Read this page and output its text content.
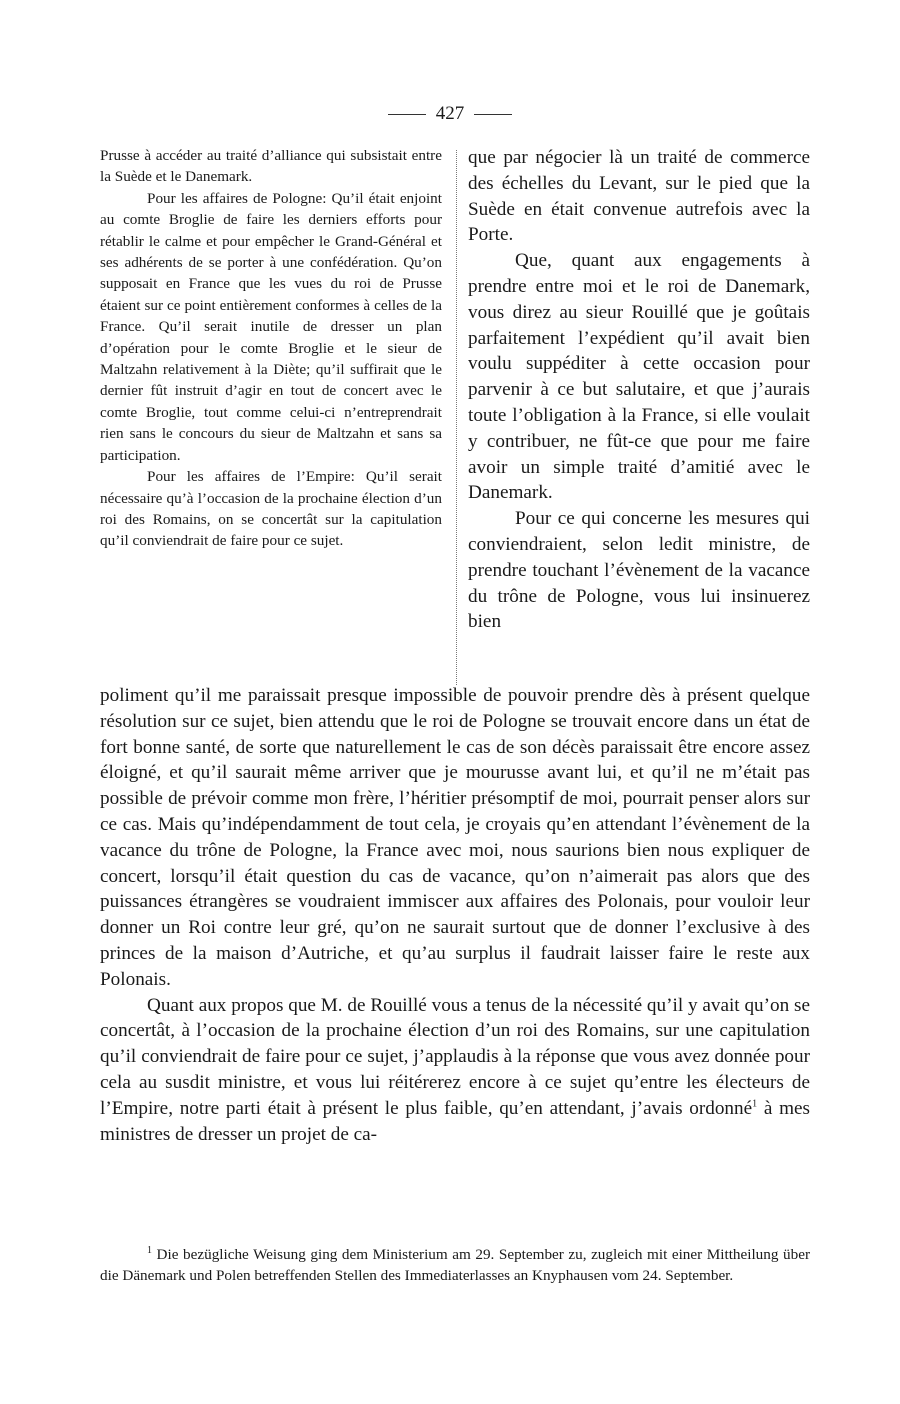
427

Prusse à accéder au traité d’alliance qui subsistait entre la Suède et le Danemark.

Pour les affaires de Pologne: Qu’il était enjoint au comte Broglie de faire les derniers efforts pour rétablir le calme et pour empêcher le Grand-Général et ses adhérents de se porter à une confédération. Qu’on supposait en France que les vues du roi de Prusse étaient sur ce point entièrement conformes à celles de la France. Qu’il serait inutile de dresser un plan d’opération pour le comte Broglie et le sieur de Maltzahn relativement à la Diète; qu’il suffirait que le dernier fût instruit d’agir en tout de concert avec le comte Broglie, tout comme celui-ci n’entreprendrait rien sans le concours du sieur de Maltzahn et sans sa participation.

Pour les affaires de l’Empire: Qu’il serait nécessaire qu’à l’occasion de la prochaine élection d’un roi des Romains, on se concertât sur la capitulation qu’il conviendrait de faire pour ce sujet.

que par négocier là un traité de commerce des échelles du Levant, sur le pied que la Suède en était convenue autrefois avec la Porte.

Que, quant aux engagements à prendre entre moi et le roi de Danemark, vous direz au sieur Rouillé que je goûtais parfaitement l’expédient qu’il avait bien voulu suppéditer à cette occasion pour parvenir à ce but salutaire, et que j’aurais toute l’obligation à la France, si elle voulait y contribuer, ne fût-ce que pour me faire avoir un simple traité d’amitié avec le Danemark.

Pour ce qui concerne les mesures qui conviendraient, selon ledit ministre, de prendre touchant l’évènement de la vacance du trône de Pologne, vous lui insinuerez bien

poliment qu’il me paraissait presque impossible de pouvoir prendre dès à présent quelque résolution sur ce sujet, bien attendu que le roi de Pologne se trouvait encore dans un état de fort bonne santé, de sorte que naturellement le cas de son décès paraissait être encore assez éloigné, et qu’il saurait même arriver que je mourusse avant lui, et qu’il ne m’était pas possible de prévoir comme mon frère, l’héritier présomptif de moi, pourrait penser alors sur ce cas. Mais qu’indépendamment de tout cela, je croyais qu’en attendant l’évènement de la vacance du trône de Pologne, la France avec moi, nous saurions bien nous expliquer de concert, lorsqu’il était question du cas de vacance, qu’on n’aimerait pas alors que des puissances étrangères se voudraient immiscer aux affaires des Polonais, pour vouloir leur donner un Roi contre leur gré, qu’on ne saurait surtout que de donner l’exclusive à des princes de la maison d’Autriche, et qu’au surplus il faudrait laisser faire le reste aux Polonais.

Quant aux propos que M. de Rouillé vous a tenus de la nécessité qu’il y avait qu’on se concertât, à l’occasion de la prochaine élection d’un roi des Romains, sur une capitulation qu’il conviendrait de faire pour ce sujet, j’applaudis à la réponse que vous avez donnée pour cela au susdit ministre, et vous lui réitérerez encore à ce sujet qu’entre les électeurs de l’Empire, notre parti était à présent le plus faible, qu’en attendant, j’avais ordonné$^1$ à mes ministres de dresser un projet de ca-

$^1$ Die bezügliche Weisung ging dem Ministerium am 29. September zu, zugleich mit einer Mittheilung über die Dänemark und Polen betreffenden Stellen des Immediaterlasses an Knyphausen vom 24. September.
